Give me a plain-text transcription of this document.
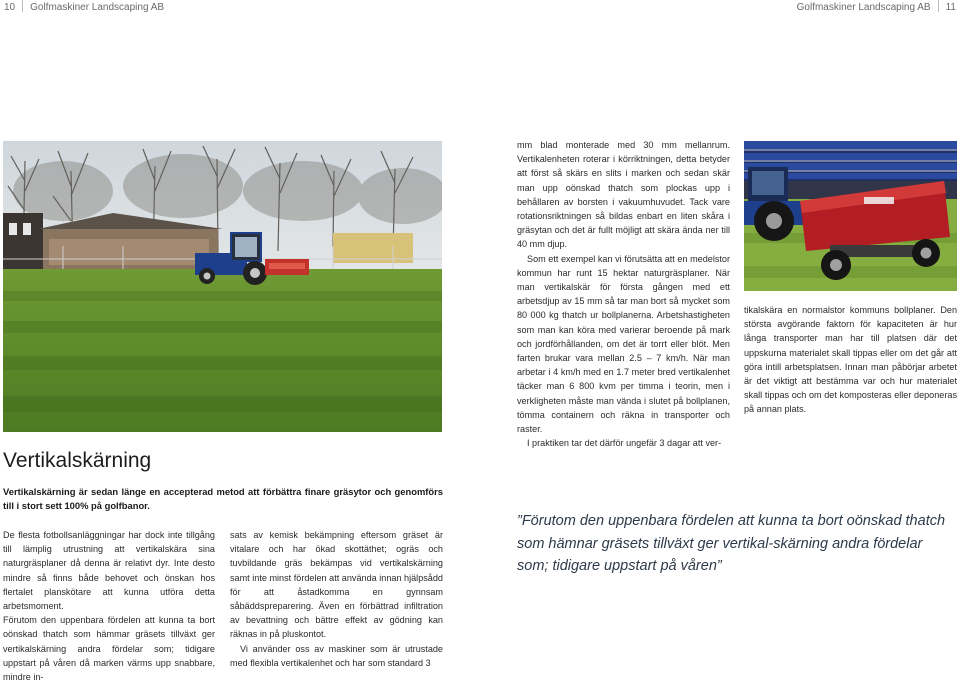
10 Golfmaskiner Landscaping AB	Golfmaskiner Landscaping AB 11

mm blad monterade med 30 mm mellanrum. Vertikalenheten roterar i körriktningen, detta betyder att först så skärs en slits i marken och sedan skär man upp oönskad thatch som plockas upp i behållaren av borsten i vakuumhuvudet. Tack vare rotationsriktningen så bildas enbart en liten skåra i gräsytan och det är fullt möjligt att skära ända ner till 40 mm djup.

Som ett exempel kan vi förutsätta att en medelstor kommun har runt 15 hektar naturgräsplaner. När man vertikalskär för första gången med ett arbetsdjup av 15 mm så tar man bort så mycket som 80 000 kg thatch ur bollplanerna. Arbetshastigheten som man kan köra med varierar beroende på mark och jordförhållanden, om det är torrt eller blöt. Men farten brukar vara mellan 2.5 – 7 km/h. När man arbetar i 4 km/h med en 1.7 meter bred vertikalenhet täcker man 6 800 kvm per timma i teorin, men i verkligheten måste man vända i slutet på bollplanen, tömma containern och räkna in transporter och raster.

I praktiken tar det därför ungefär 3 dagar att ver-

tikalskära en normalstor kommuns bollplaner. Den största avgörande faktorn för kapaciteten är hur långa transporter man har till platsen där det uppskurna materialet skall tippas eller om det går att göra intill arbetsplatsen. Innan man påbörjar arbetet är det viktigt att bestämma var och hur materialet skall tippas och om det komposteras eller deponeras på annan plats.

Vertikalskärning
Vertikalskärning är sedan länge en accepterad metod att förbättra finare gräsytor och genomförs till i stort sett 100% på golfbanor.

De flesta fotbollsanläggningar har dock inte tillgång till lämplig utrustning att vertikalskära sina naturgräsplaner då denna är relativt dyr. Inte desto mindre så finns både behovet och önskan hos flertalet planskötare att kunna utföra detta arbetsmoment.

Förutom den uppenbara fördelen att kunna ta bort oönskad thatch som hämmar gräsets tillväxt ger vertikalskärning andra fördelar som; tidigare uppstart på våren då marken värms upp snabbare, mindre in-

sats av kemisk bekämpning eftersom gräset är vitalare och har ökad skottäthet; ogräs och tuvbildande gräs bekämpas vid vertikalskärning samt inte minst fördelen att använda innan hjälpsådd för att åstadkomma en gynnsam såbäddspreparering. Även en förbättrad infiltration av bevattning och bättre effekt av gödning kan räknas in på pluskontot.

Vi använder oss av maskiner som är utrustade med flexibla vertikalenhet och har som standard 3

”Förutom den uppenbara fördelen att kunna ta bort oönskad thatch som hämnar gräsets tillväxt ger vertikal-skärning andra fördelar som; tidigare uppstart på våren”
